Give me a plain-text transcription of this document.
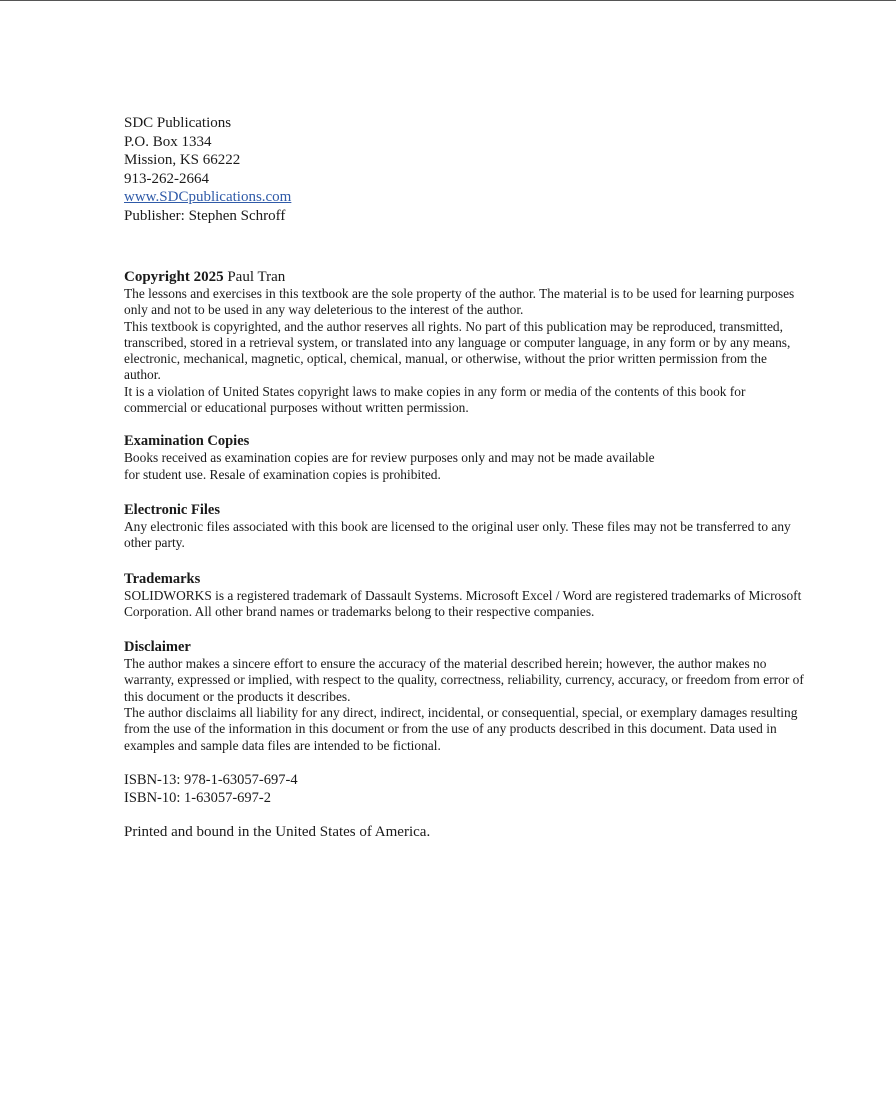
SDC Publications
P.O. Box 1334
Mission, KS 66222
913-262-2664
www.SDCpublications.com
Publisher: Stephen Schroff
Copyright 2025 Paul Tran

The lessons and exercises in this textbook are the sole property of the author. The material is to be used for learning purposes only and not to be used in any way deleterious to the interest of the author.

This textbook is copyrighted, and the author reserves all rights. No part of this publication may be reproduced, transmitted, transcribed, stored in a retrieval system, or translated into any language or computer language, in any form or by any means, electronic, mechanical, magnetic, optical, chemical, manual, or otherwise, without the prior written permission from the author.

It is a violation of United States copyright laws to make copies in any form or media of the contents of this book for commercial or educational purposes without written permission.

Examination Copies

Books received as examination copies are for review purposes only and may not be made available

for student use. Resale of examination copies is prohibited.

Electronic Files

Any electronic files associated with this book are licensed to the original user only. These files may not be transferred to any other party.

Trademarks

SOLIDWORKS is a registered trademark of Dassault Systems. Microsoft Excel / Word are registered trademarks of Microsoft Corporation. All other brand names or trademarks belong to their respective companies.

Disclaimer

The author makes a sincere effort to ensure the accuracy of the material described herein; however, the author makes no warranty, expressed or implied, with respect to the quality, correctness, reliability, currency, accuracy, or freedom from error of this document or the products it describes.

The author disclaims all liability for any direct, indirect, incidental, or consequential, special, or exemplary damages resulting from the use of the information in this document or from the use of any products described in this document. Data used in examples and sample data files are intended to be fictional.

ISBN-13: 978-1-63057-697-4
ISBN-10: 1-63057-697-2
Printed and bound in the United States of America.
